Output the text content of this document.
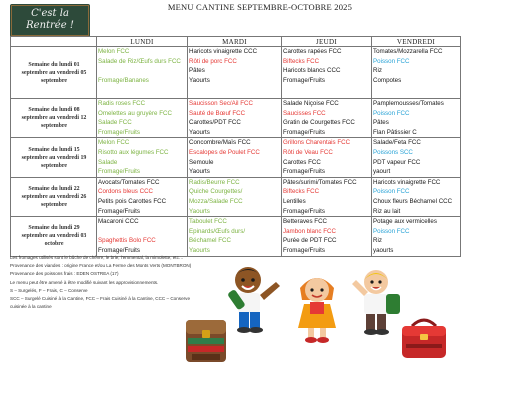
C'est la
Rentrée !
MENU CANTINE SEPTEMBRE-OCTOBRE 2025
	LUNDI	MARDI	JEUDI	VENDREDI

Semaine du lundi 01
septembre au vendredi 05
septembre	Melon FCC
Salade de Riz/Œufs durs FCC
Fromage/Bananes	Haricots vinaigrette CCC
Rôti de porc FCC
Pâtes
Yaourts	Carottes rapées FCC
Biftecks FCC
Haricots blancs CCC
Fromage/Fruits	Tomates/Mozzarella FCC
Poisson FCC
Riz
Compotes

Semaine du lundi 08
septembre au vendredi 12
septembre	Radis roses FCC
Omelettes au gruyère FCC
Salade FCC
Fromage/Fruits	Saucisson Sec/Ail FCC
Sauté de Bœuf FCC
Carottes/PDT FCC
Yaourts	Salade Niçoise FCC
Saucisses FCC
Gratin de Courgettes FCC
Fromage/Fruits	Pamplemousses/Tomates
Poisson FCC
Pâtes
Flan Pâtissier C

Semaine du lundi 15
septembre au vendredi 19
septembre	Melon FCC
Risotto aux légumes FCC
Salade
Fromage/Fruits	Concombre/Maïs FCC
Escalopes de Poulet FCC
Semoule
Yaourts	Grillons Charentais FCC
Rôti de Veau FCC
Carottes FCC
Fromage/Fruits	Salade/Feta FCC
Poissons SCC
PDT vapeur FCC
yaourt

Semaine du lundi 22
septembre au vendredi 26
septembre	Avocats/Tomates FCC
Cordons bleus CCC
Petits pois Carottes FCC
Fromage/Fruits	Radis/Beurre FCC
Quiche Courgettes/
Mozza/Salade FCC
Yaourts	Pâtes/surimi/Tomates FCC
Biftecks FCC
Lentilles
Fromage/Fruits	Haricots vinaigrette FCC
Poisson FCC
Choux fleurs Béchamel CCC
Riz au lait

Semaine du lundi 29
septembre au vendredi 03
octobre	Macaroni CCC
Spaghettis Bolo FCC
Fromage/Fruits	Taboulet FCC
Epinards/Œufs durs/
Béchamel FCC
Yaourts	Betteraves FCC
Jambon blanc FCC
Purée de PDT FCC
Fromage/Fruits	Potage aux vermicelles
Poisson FCC
Riz
yaourts
Les fromages utilisés sont le bûche de chèvre, le brie, l'emmental, la mimolette, etc…
Provenance des viandes : origine France et/ou La Ferme des Monts Verts (MONTBRON)
Provenance des poissons frais : EDEN OSTREA (17)
Le menu peut être amené à être modifié suivant les approvisionnements.
S – Surgelés, F – Frais, C – Conserve
SCC – Surgelé Cuisiné à la Cantine, FCC – Frais Cuisiné à la Cantine, CCC – Conserve
cuisinée à la cantine
